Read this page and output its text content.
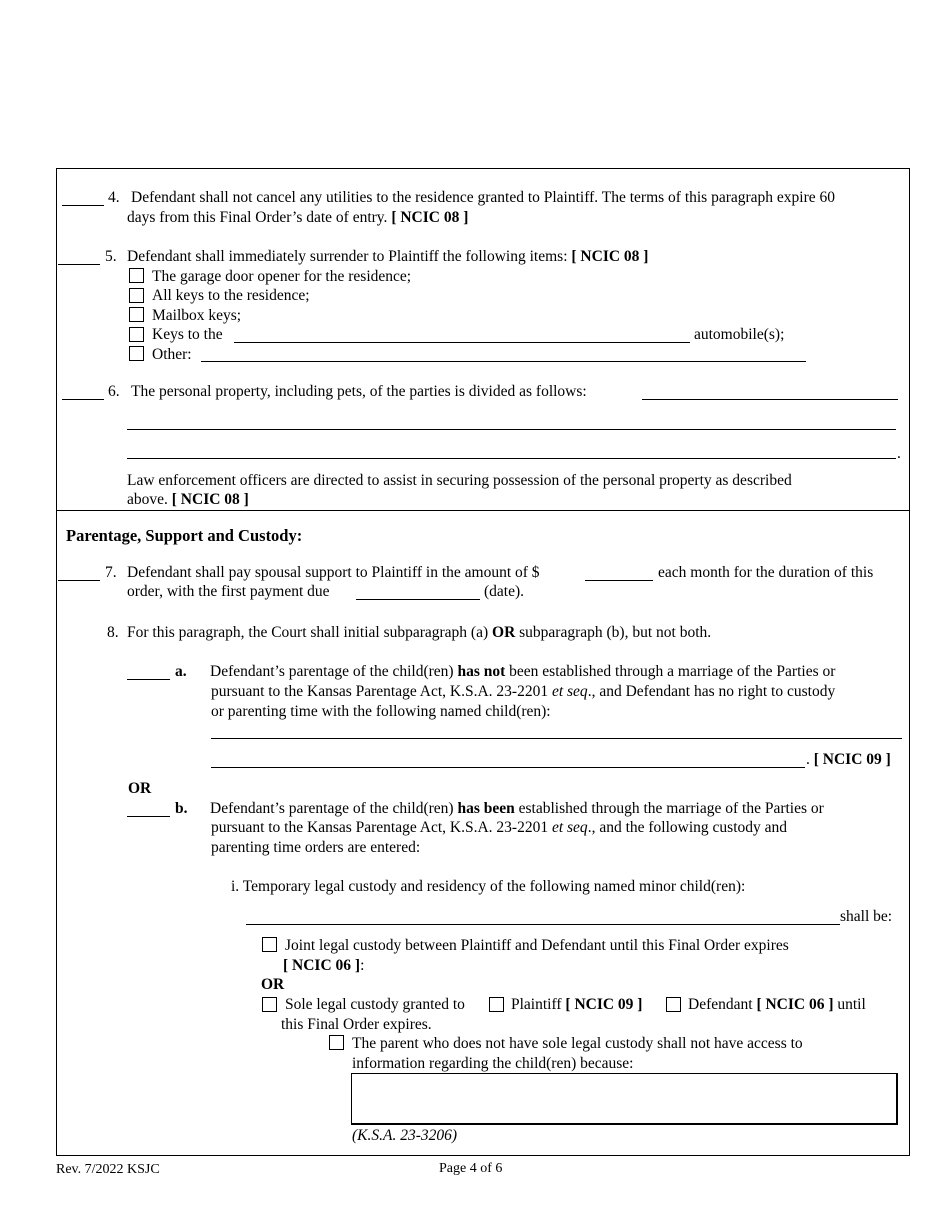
4. Defendant shall not cancel any utilities to the residence granted to Plaintiff. The terms of this paragraph expire 60
days from this Final Order’s date of entry. [ NCIC 08 ]
5. Defendant shall immediately surrender to Plaintiff the following items: [ NCIC 08 ]
The garage door opener for the residence;
All keys to the residence;
Mailbox keys;
Keys to the	automobile(s);
Other:
6. The personal property, including pets, of the parties is divided as follows:
.
Law enforcement officers are directed to assist in securing possession of the personal property as described
above. [ NCIC 08 ]
Parentage, Support and Custody:
7. Defendant shall pay spousal support to Plaintiff in the amount of $	each month for the duration of this
order, with the first payment due	(date).
8. For this paragraph, the Court shall initial subparagraph (a) OR subparagraph (b), but not both.
a. Defendant’s parentage of the child(ren) has not been established through a marriage of the Parties or
pursuant to the Kansas Parentage Act, K.S.A. 23-2201 et seq., and Defendant has no right to custody
or parenting time with the following named child(ren):
. [ NCIC 09 ]
OR
b. Defendant’s parentage of the child(ren) has been established through the marriage of the Parties or
pursuant to the Kansas Parentage Act, K.S.A. 23-2201 et seq., and the following custody and
parenting time orders are entered:
i. Temporary legal custody and residency of the following named minor child(ren):
shall be:
Joint legal custody between Plaintiff and Defendant until this Final Order expires
[ NCIC 06 ]:
OR
Sole legal custody granted to	Plaintiff [ NCIC 09 ]	Defendant [ NCIC 06 ] until
this Final Order expires.
The parent who does not have sole legal custody shall not have access to
information regarding the child(ren) because:
(K.S.A. 23-3206)
Rev. 7/2022 KSJC	Page 4 of 6
